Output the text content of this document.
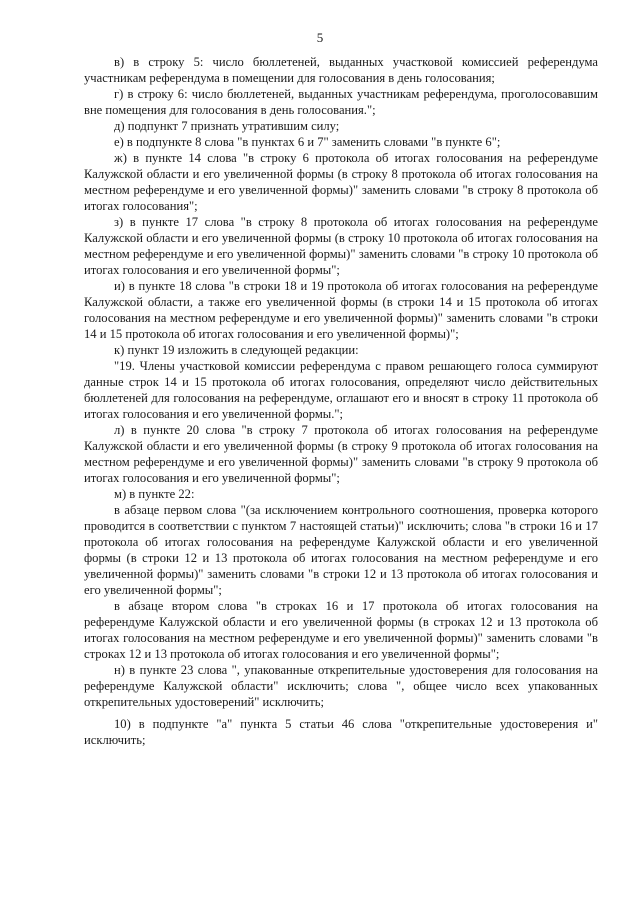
5

в) в строку 5: число бюллетеней, выданных участковой комиссией референдума участникам референдума в помещении для голосования в день голосования;

г) в строку 6: число бюллетеней, выданных участникам референдума, проголосовавшим вне помещения для голосования в день голосования.";

д) подпункт 7 признать утратившим силу;

е) в подпункте 8 слова "в пунктах 6 и 7" заменить словами "в пункте 6";

ж) в пункте 14 слова "в строку 6 протокола об итогах голосования на референдуме Калужской области и его увеличенной формы (в строку 8 протокола об итогах голосования на местном референдуме и его увеличенной формы)" заменить словами "в строку 8 протокола об итогах голосования";

з) в пункте 17 слова "в строку 8 протокола об итогах голосования на референдуме Калужской области и его увеличенной формы (в строку 10 протокола об итогах голосования на местном референдуме и его увеличенной формы)" заменить словами "в строку 10 протокола об итогах голосования и его увеличенной формы";

и) в пункте 18 слова "в строки 18 и 19 протокола об итогах голосования на референдуме Калужской области, а также его увеличенной формы (в строки 14 и 15 протокола об итогах голосования на местном референдуме и его увеличенной формы)" заменить словами "в строки 14 и 15 протокола об итогах голосования и его увеличенной формы)";

к) пункт 19 изложить в следующей редакции:

"19. Члены участковой комиссии референдума с правом решающего голоса суммируют данные строк 14 и 15 протокола об итогах голосования, определяют число действительных бюллетеней для голосования на референдуме, оглашают его и вносят в строку 11 протокола об итогах голосования и его увеличенной формы.";

л) в пункте 20 слова "в строку 7 протокола об итогах голосования на референдуме Калужской области и его увеличенной формы (в строку 9 протокола об итогах голосования на местном референдуме и его увеличенной формы)" заменить словами "в строку 9 протокола об итогах голосования и его увеличенной формы";

м) в пункте 22:

в абзаце первом слова "(за исключением контрольного соотношения, проверка которого проводится в соответствии с пунктом 7 настоящей статьи)" исключить; слова "в строки 16 и 17 протокола об итогах голосования на референдуме Калужской области и его увеличенной формы (в строки 12 и 13 протокола об итогах голосования на местном референдуме и его увеличенной формы)" заменить словами "в строки 12 и 13 протокола об итогах голосования и его увеличенной формы";

в абзаце втором слова "в строках 16 и 17 протокола об итогах голосования на референдуме Калужской области и его увеличенной формы (в строках 12 и 13 протокола об итогах голосования на местном референдуме и его увеличенной формы)" заменить словами "в строках 12 и 13 протокола об итогах голосования и его увеличенной формы";

н) в пункте 23 слова ", упакованные открепительные удостоверения для голосования на референдуме Калужской области" исключить; слова ", общее число всех упакованных открепительных удостоверений" исключить;

10) в подпункте "а" пункта 5 статьи 46 слова "открепительные удостоверения и" исключить;
